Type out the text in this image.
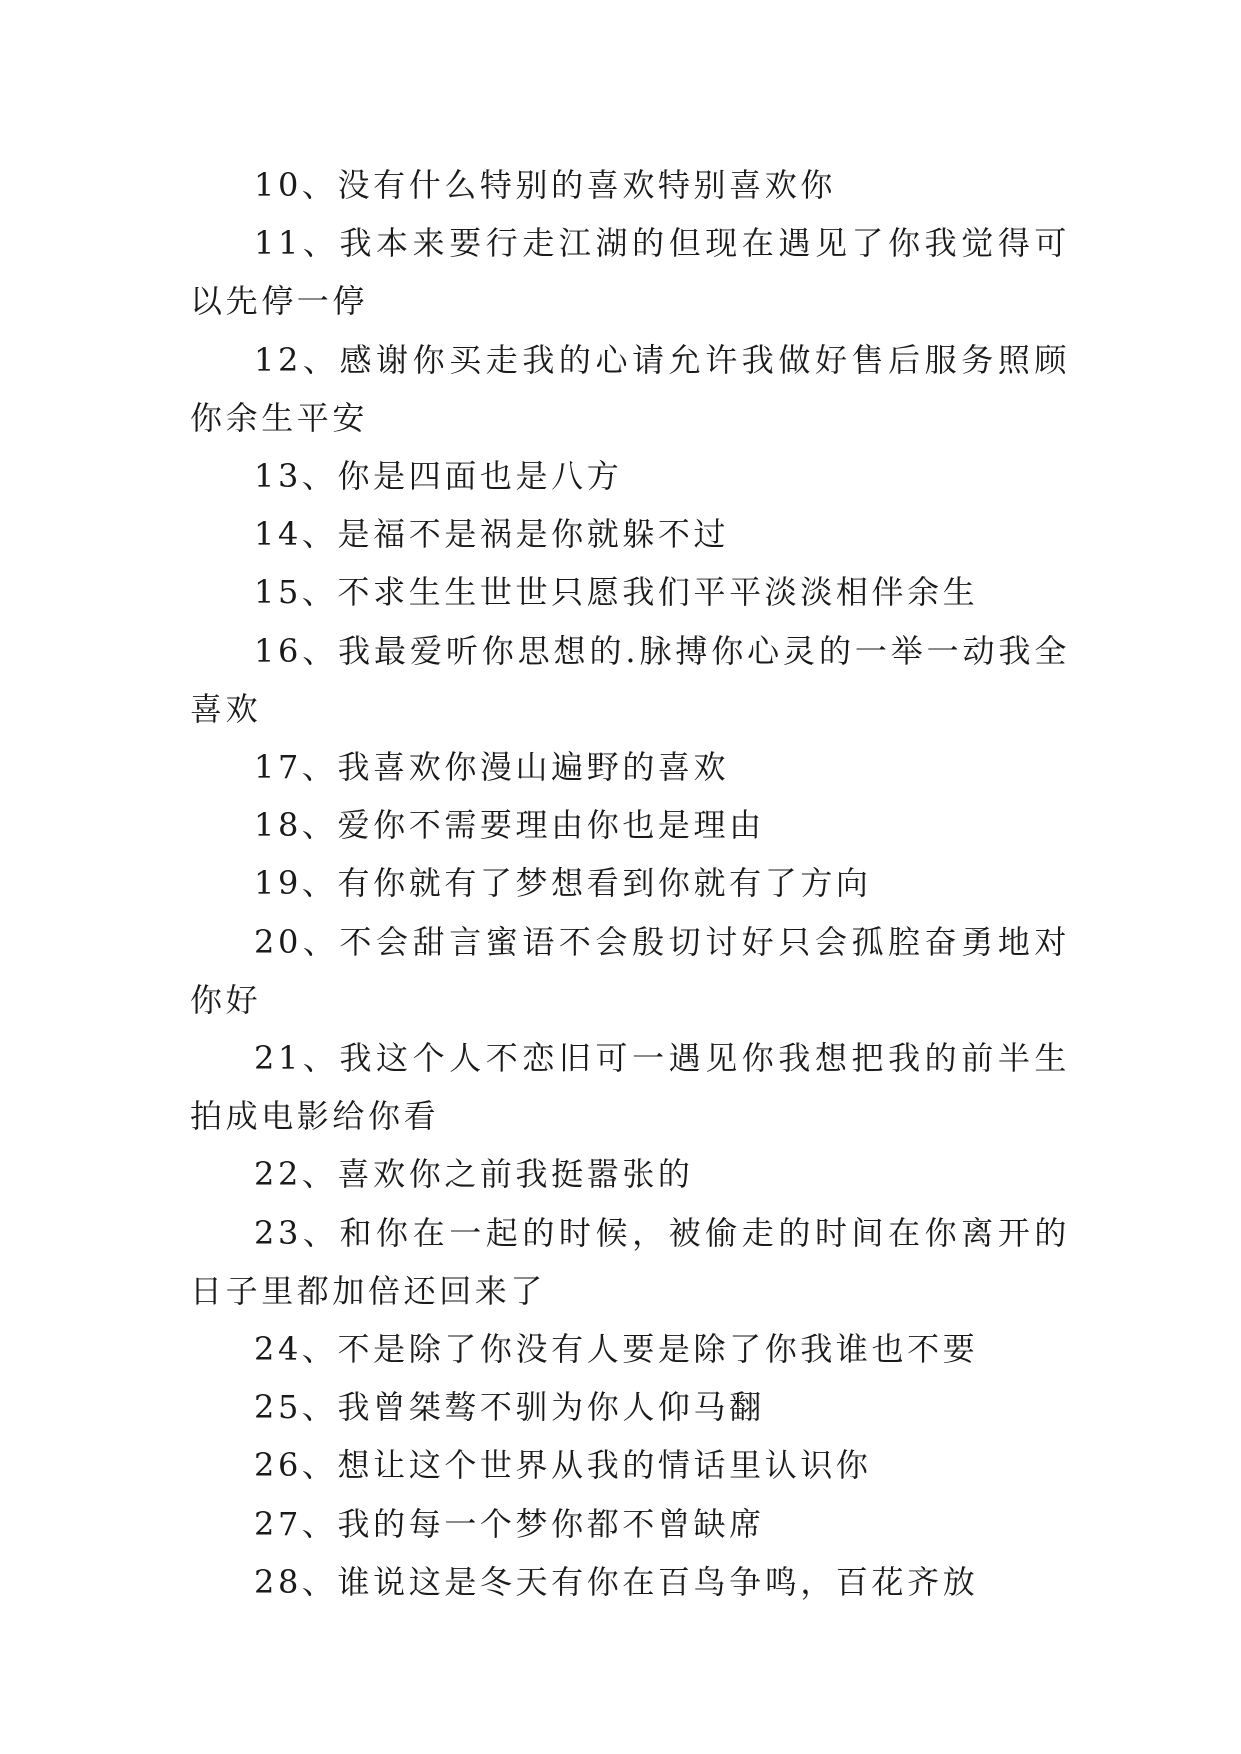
10、没有什么特别的喜欢特别喜欢你

11、我本来要行走江湖的但现在遇见了你我觉得可以先停一停

12、感谢你买走我的心请允许我做好售后服务照顾你余生平安

13、你是四面也是八方

14、是福不是祸是你就躲不过

15、不求生生世世只愿我们平平淡淡相伴余生

16、我最爱听你思想的.脉搏你心灵的一举一动我全喜欢

17、我喜欢你漫山遍野的喜欢

18、爱你不需要理由你也是理由

19、有你就有了梦想看到你就有了方向

20、不会甜言蜜语不会殷切讨好只会孤腔奋勇地对你好

21、我这个人不恋旧可一遇见你我想把我的前半生拍成电影给你看

22、喜欢你之前我挺嚣张的

23、和你在一起的时候，被偷走的时间在你离开的日子里都加倍还回来了

24、不是除了你没有人要是除了你我谁也不要

25、我曾桀骜不驯为你人仰马翻

26、想让这个世界从我的情话里认识你

27、我的每一个梦你都不曾缺席

28、谁说这是冬天有你在百鸟争鸣，百花齐放
